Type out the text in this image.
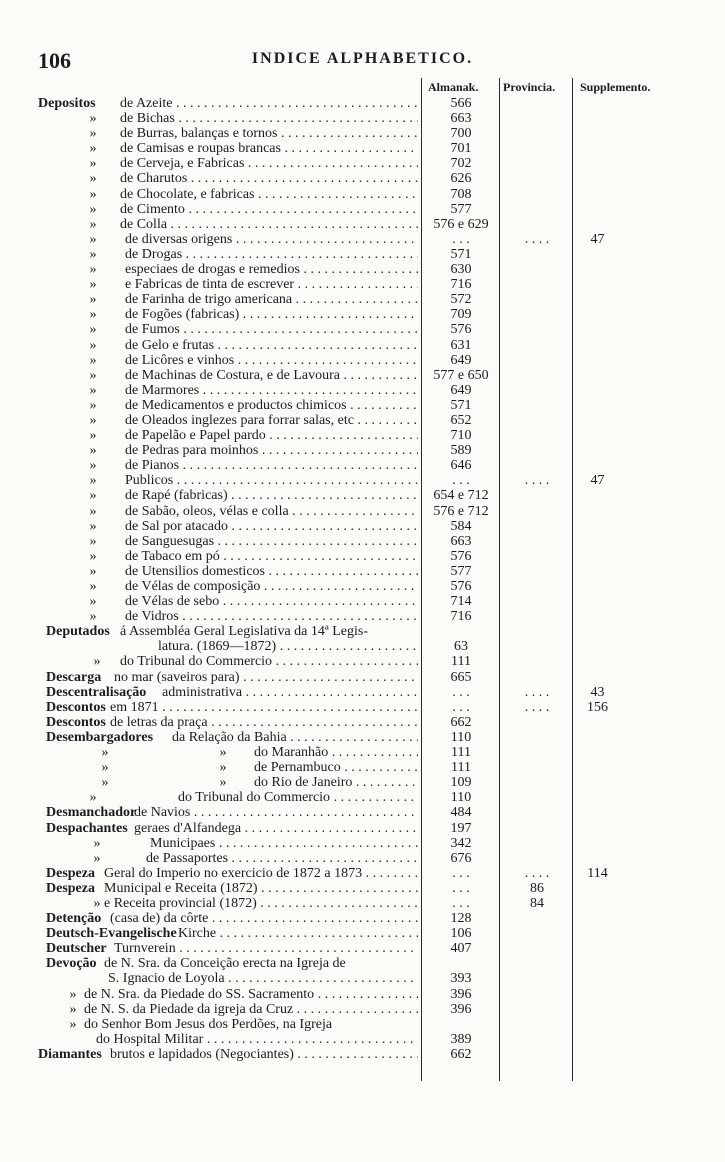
106	INDICE ALPHABETICO.
Almanak. Provincia. Supplemento.
Depositos de Azeite . . .	566
» de Bichas . . .	663
» de Burras, balanças e tornos . . .	700
» de Camisas e roupas brancas . . .	701
» de Cerveja, e Fabricas . . .	702
» de Charutos . . .	626
» de Chocolate, e fabricas . . .	708
» de Cimento . . .	577
» de Colla . . .	576 e 629
» de diversas origens . . .	. . .	. . . .	47
» de Drogas . . .	571
» especiaes de drogas e remedios . . .	630
» e Fabricas de tinta de escrever . . .	716
» de Farinha de trigo americana . . .	572
» de Fogões (fabricas) . . .	709
» de Fumos . . .	576
» de Gelo e frutas . . .	631
» de Licôres e vinhos . . .	649
» de Machinas de Costura, e de Lavoura . . .	577 e 650
» de Marmores . . .	649
» de Medicamentos e productos chimicos . . .	571
» de Oleados inglezes para forrar salas, etc . . .	652
» de Papelão e Papel pardo . . .	710
» de Pedras para moinhos . . .	589
» de Pianos . . .	646
» Publicos . . .	. . .	. . . .	47
» de Rapé (fabricas) . . .	654 e 712
» de Sabão, oleos, vélas e colla . . .	576 e 712
» de Sal por atacado . . .	584
» de Sanguesugas . . .	663
» de Tabaco em pó . . .	576
» de Utensilios domesticos . . .	577
» de Vélas de composição . . .	576
» de Vélas de sebo . . .	714
» de Vidros . . .	716
Deputados á Assembléa Geral Legislativa da 14ª Legis-
latura. (1869—1872) . . .	63
» do Tribunal do Commercio . . .	111
Descarga no mar (saveiros para) . . .	665
Descentralisação administrativa . . .	. . .	. . . .	43
Descontos em 1871 . . .	. . .	. . . .	156
Descontos de letras da praça . . .	662
Desembargadores da Relação da Bahia . . .	110
»	» do Maranhão . . .	111
»	» de Pernambuco . . .	111
»	» do Rio de Janeiro . . .	109
»	do Tribunal do Commercio . . .	110
Desmanchador
de Navios . . .	484
Despachantes geraes d'Alfandega . . .	197
»	Municipaes . . .	342
»	de Passaportes . . .	676
Despeza Geral do Imperio no exercicio de 1872 a 1873 . . .	. . .	. . . .	114
Despeza Municipal e Receita (1872) . . .	. . .	86
» e Receita provincial (1872) . . .	. . .	84
Detenção (casa de) da côrte . . .	128
Deutsch-Evangelische Kirche . . .	106
Deutscher Turnverein . . .	407
Devoção de N. Sra. da Conceição erecta na Igreja de
S. Ignacio de Loyola . . .	393
» de N. Sra. da Piedade do SS. Sacramento . . .	396
» de N. S. da Piedade da igreja da Cruz . . .	396
» do Senhor Bom Jesus dos Perdões, na Igreja
do Hospital Militar . . .	389
Diamantes brutos e lapidados (Negociantes) . . .	662
